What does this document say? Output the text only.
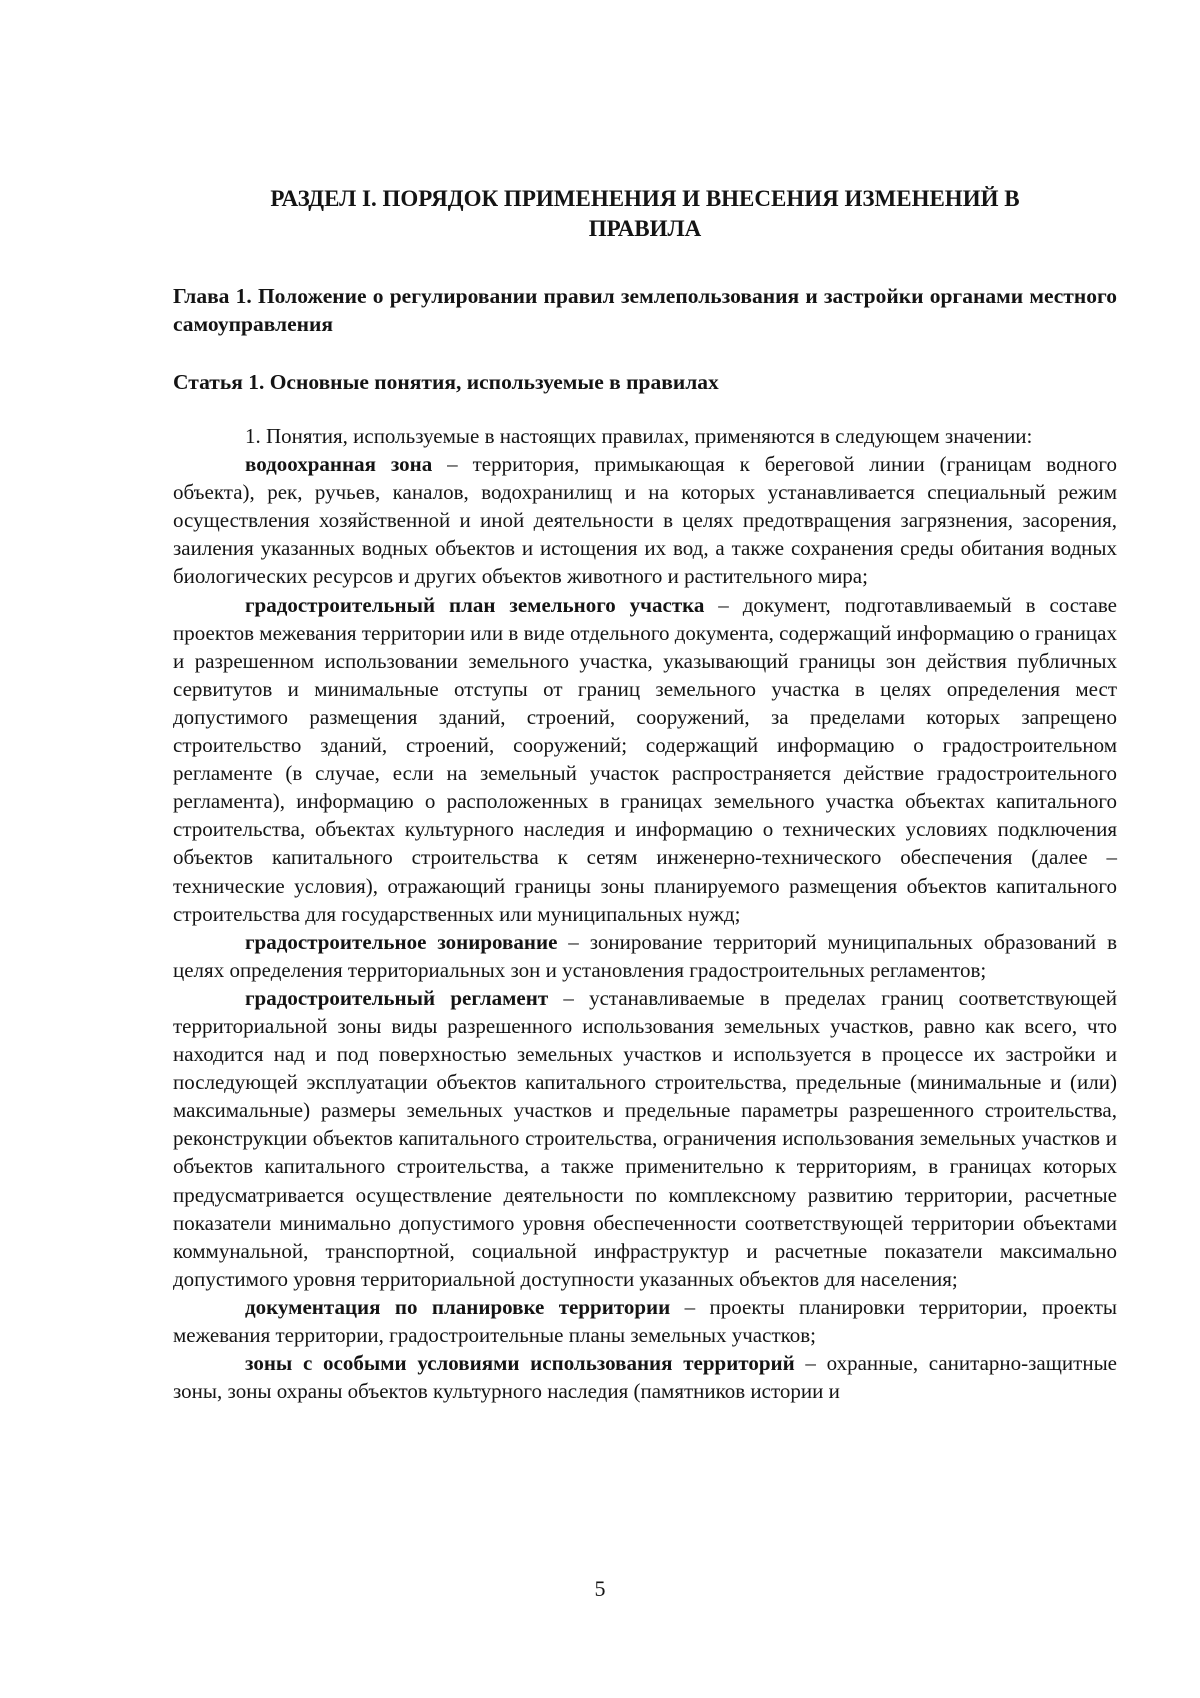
РАЗДЕЛ I. ПОРЯДОК ПРИМЕНЕНИЯ И ВНЕСЕНИЯ ИЗМЕНЕНИЙ В ПРАВИЛА
Глава 1. Положение о регулировании правил землепользования и застройки органами местного самоуправления
Статья 1. Основные понятия, используемые в правилах

1. Понятия, используемые в настоящих правилах, применяются в следующем значении:

водоохранная зона – территория, примыкающая к береговой линии (границам водного объекта), рек, ручьев, каналов, водохранилищ и на которых устанавливается специальный режим осуществления хозяйственной и иной деятельности в целях предотвращения загрязнения, засорения, заиления указанных водных объектов и истощения их вод, а также сохранения среды обитания водных биологических ресурсов и других объектов животного и растительного мира;

градостроительный план земельного участка – документ, подготавливаемый в составе проектов межевания территории или в виде отдельного документа, содержащий информацию о границах и разрешенном использовании земельного участка, указывающий границы зон действия публичных сервитутов и минимальные отступы от границ земельного участка в целях определения мест допустимого размещения зданий, строений, сооружений, за пределами которых запрещено строительство зданий, строений, сооружений; содержащий информацию о градостроительном регламенте (в случае, если на земельный участок распространяется действие градостроительного регламента), информацию о расположенных в границах земельного участка объектах капитального строительства, объектах культурного наследия и информацию о технических условиях подключения объектов капитального строительства к сетям инженерно-технического обеспечения (далее – технические условия), отражающий границы зоны планируемого размещения объектов капитального строительства для государственных или муниципальных нужд;

градостроительное зонирование – зонирование территорий муниципальных образований в целях определения территориальных зон и установления градостроительных регламентов;

градостроительный регламент – устанавливаемые в пределах границ соответствующей территориальной зоны виды разрешенного использования земельных участков, равно как всего, что находится над и под поверхностью земельных участков и используется в процессе их застройки и последующей эксплуатации объектов капитального строительства, предельные (минимальные и (или) максимальные) размеры земельных участков и предельные параметры разрешенного строительства, реконструкции объектов капитального строительства, ограничения использования земельных участков и объектов капитального строительства, а также применительно к территориям, в границах которых предусматривается осуществление деятельности по комплексному развитию территории, расчетные показатели минимально допустимого уровня обеспеченности соответствующей территории объектами коммунальной, транспортной, социальной инфраструктур и расчетные показатели максимально допустимого уровня территориальной доступности указанных объектов для населения;

документация по планировке территории – проекты планировки территории, проекты межевания территории, градостроительные планы земельных участков;

зоны с особыми условиями использования территорий – охранные, санитарно-защитные зоны, зоны охраны объектов культурного наследия (памятников истории и

5
